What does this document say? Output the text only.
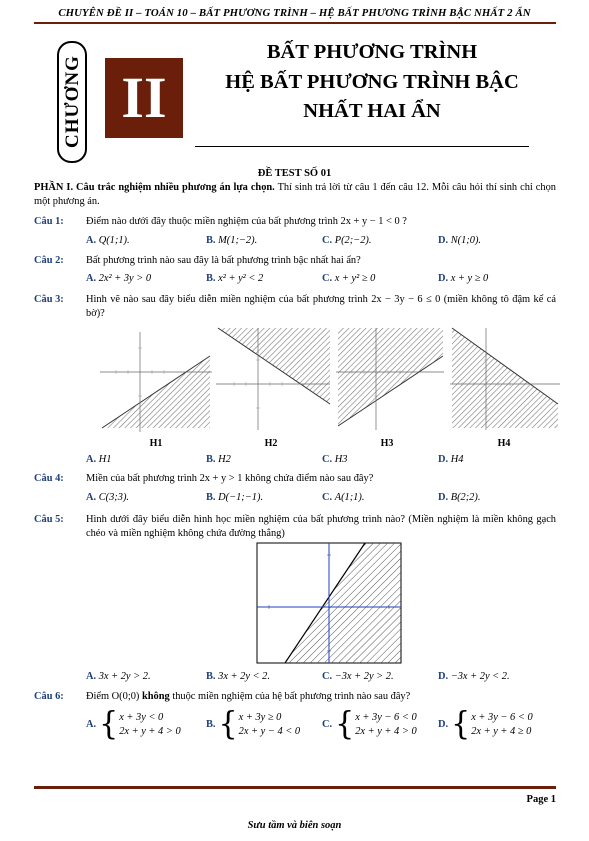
CHUYÊN ĐỀ II – TOÁN 10 – BẤT PHƯƠNG TRÌNH – HỆ BẤT PHƯƠNG TRÌNH BẬC NHẤT 2 ẨN
CHƯƠNG II
BẤT PHƯƠNG TRÌNH
HỆ BẤT PHƯƠNG TRÌNH BẬC
NHẤT HAI ẨN
ĐỀ TEST SỐ 01
PHẦN I. Câu trắc nghiệm nhiều phương án lựa chọn. Thí sinh trả lời từ câu 1 đến câu 12. Mỗi câu hỏi thí sinh chỉ chọn một phương án.
Câu 1: Điểm nào dưới đây thuộc miền nghiệm của bất phương trình 2x + y − 1 < 0 ?
A. Q(1;1).	B. M(1;−2).	C. P(2;−2).	D. N(1;0).
Câu 2: Bất phương trình nào sau đây là bất phương trình bậc nhất hai ẩn?
A. 2x² + 3y > 0	B. x² + y² < 2	C. x + y² ≥ 0	D. x + y ≥ 0
Câu 3: Hình vẽ nào sau đây biểu diễn miền nghiệm của bất phương trình 2x − 3y − 6 ≤ 0 (miền không tô đậm kể cả bờ)?
H1	H2	H3	H4
A. H1	B. H2	C. H3	D. H4
Câu 4: Miền của bất phương trình 2x + y > 1 không chứa điểm nào sau đây?
A. C(3;3).	B. D(−1;−1).	C. A(1;1).	D. B(2;2).
Câu 5: Hình dưới đây biểu diễn hình học miền nghiệm của bất phương trình nào? (Miền nghiệm là miền không gạch chéo và miền nghiệm không chứa đường thẳng)
A. 3x + 2y > 2.	B. 3x + 2y < 2.	C. −3x + 2y > 2.	D. −3x + 2y < 2.
Câu 6: Điểm O(0;0) không thuộc miền nghiệm của hệ bất phương trình nào sau đây?
A. { x + 3y < 0
2x + y + 4 > 0
B. { x + 3y ≥ 0
2x + y − 4 < 0
C. { x + 3y − 6 < 0
2x + y + 4 > 0
D. { x + 3y − 6 < 0
2x + y + 4 ≥ 0
Page 1
Sưu tầm và biên soạn
